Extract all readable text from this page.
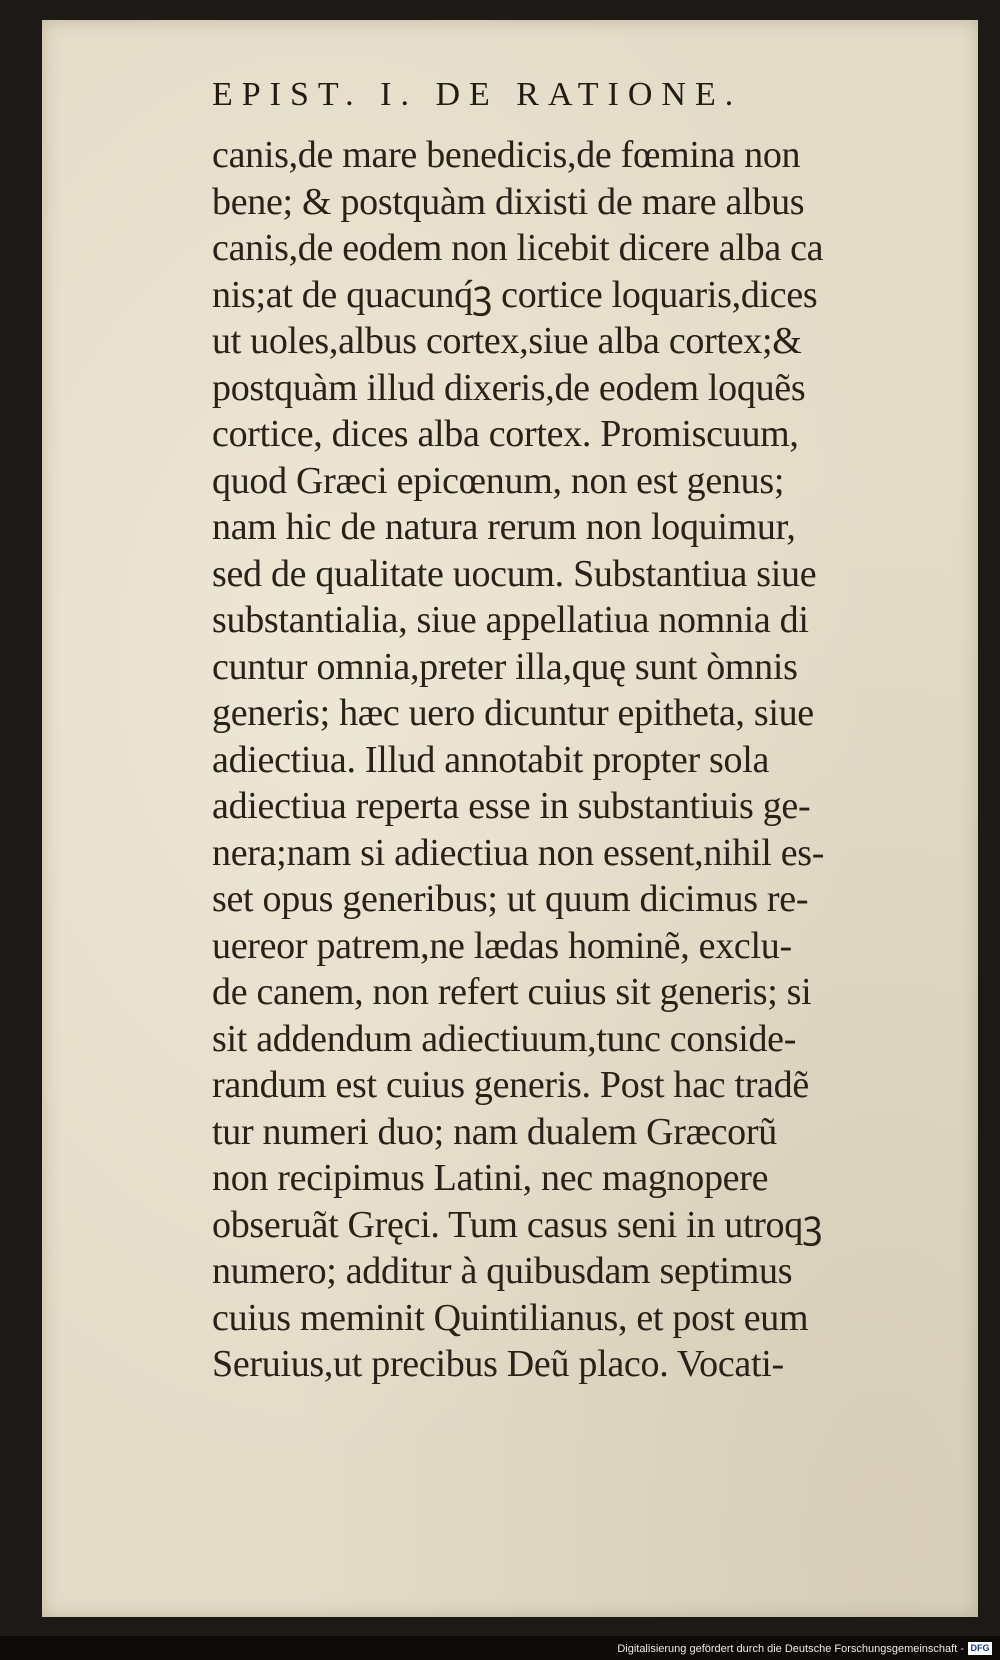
EPIST. I. DE RATIONE.
canis,de mare benedicis,de fœmina non
bene; & postquàm dixisti de mare albus
canis,de eodem non licebit dicere alba ca
nis;at de quacunq́ꝫ cortice loquaris,dices
ut uoles,albus cortex,siue alba cortex;&
postquàm illud dixeris,de eodem loquẽs
cortice, dices alba cortex. Promiscuum,
quod Græci epicœnum, non est genus;
nam hic de natura rerum non loquimur,
sed de qualitate uocum. Substantiua siue
substantialia, siue appellatiua nomnia di
cuntur omnia,preter illa,quę sunt òmnis
generis; hæc uero dicuntur epitheta, siue
adiectiua. Illud annotabit propter sola
adiectiua reperta esse in substantiuis ge-
nera;nam si adiectiua non essent,nihil es-
set opus generibus; ut quum dicimus re-
uereor patrem,ne lædas hominẽ, exclu-
de canem, non refert cuius sit generis; si
sit addendum adiectiuum,tunc conside-
randum est cuius generis. Post hac tradẽ
tur numeri duo; nam dualem Græcorũ
non recipimus Latini, nec magnopere
obseruãt Gręci. Tum casus seni in utroqꝫ
numero; additur à quibusdam septimus
cuius meminit Quintilianus, et post eum
Seruius,ut precibus Deũ placo. Vocati-
Digitalisierung gefördert durch die Deutsche Forschungsgemeinschaft - DFG
